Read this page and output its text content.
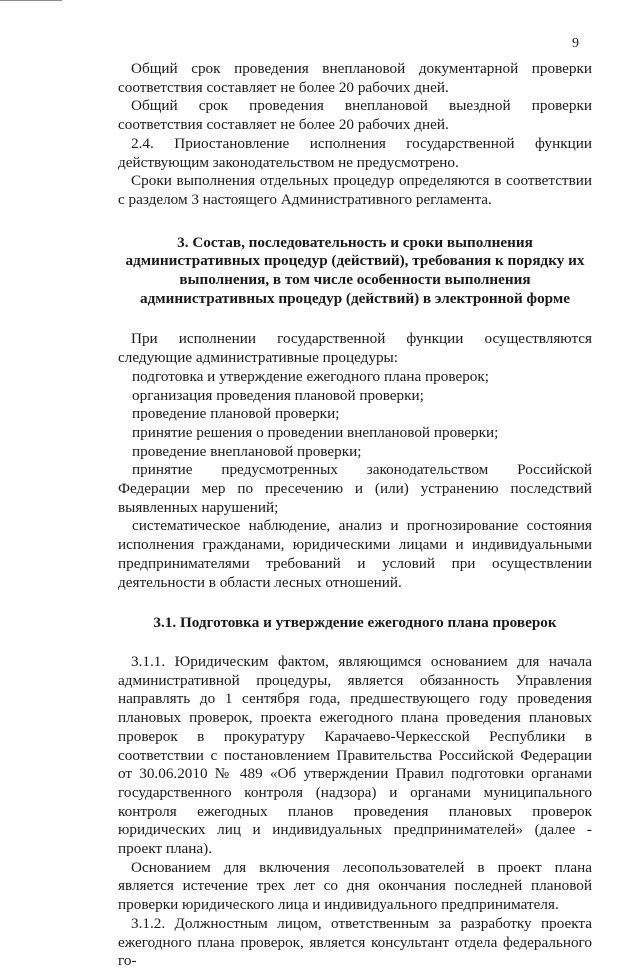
9

Общий срок проведения внеплановой документарной проверки соответствия составляет не более 20 рабочих дней.

Общий срок проведения внеплановой выездной проверки соответствия составляет не более 20 рабочих дней.

2.4. Приостановление исполнения государственной функции действующим законодательством не предусмотрено.

Сроки выполнения отдельных процедур определяются в соответствии с разделом 3 настоящего Административного регламента.

3. Состав, последовательность и сроки выполнения административных процедур (действий), требования к порядку их выполнения, в том числе особенности выполнения административных процедур (действий) в электронной форме

При исполнении государственной функции осуществляются следующие административные процедуры:

подготовка и утверждение ежегодного плана проверок;

организация проведения плановой проверки;

проведение плановой проверки;

принятие решения о проведении внеплановой проверки;

проведение внеплановой проверки;

принятие предусмотренных законодательством Российской Федерации мер по пресечению и (или) устранению последствий выявленных нарушений;

систематическое наблюдение, анализ и прогнозирование состояния исполнения гражданами, юридическими лицами и индивидуальными предпринимателями требований и условий при осуществлении деятельности в области лесных отношений.

3.1. Подготовка и утверждение ежегодного плана проверок

3.1.1. Юридическим фактом, являющимся основанием для начала административной процедуры, является обязанность Управления направлять до 1 сентября года, предшествующего году проведения плановых проверок, проекта ежегодного плана проведения плановых проверок в прокуратуру Карачаево-Черкесской Республики в соответствии с постановлением Правительства Российской Федерации от 30.06.2010 № 489 «Об утверждении Правил подготовки органами государственного контроля (надзора) и органами муниципального контроля ежегодных планов проведения плановых проверок юридических лиц и индивидуальных предпринимателей» (далее - проект плана).

Основанием для включения лесопользователей в проект плана является истечение трех лет со дня окончания последней плановой проверки юридического лица и индивидуального предпринимателя.

3.1.2. Должностным лицом, ответственным за разработку проекта ежегодного плана проверок, является консультант отдела федерального го-
